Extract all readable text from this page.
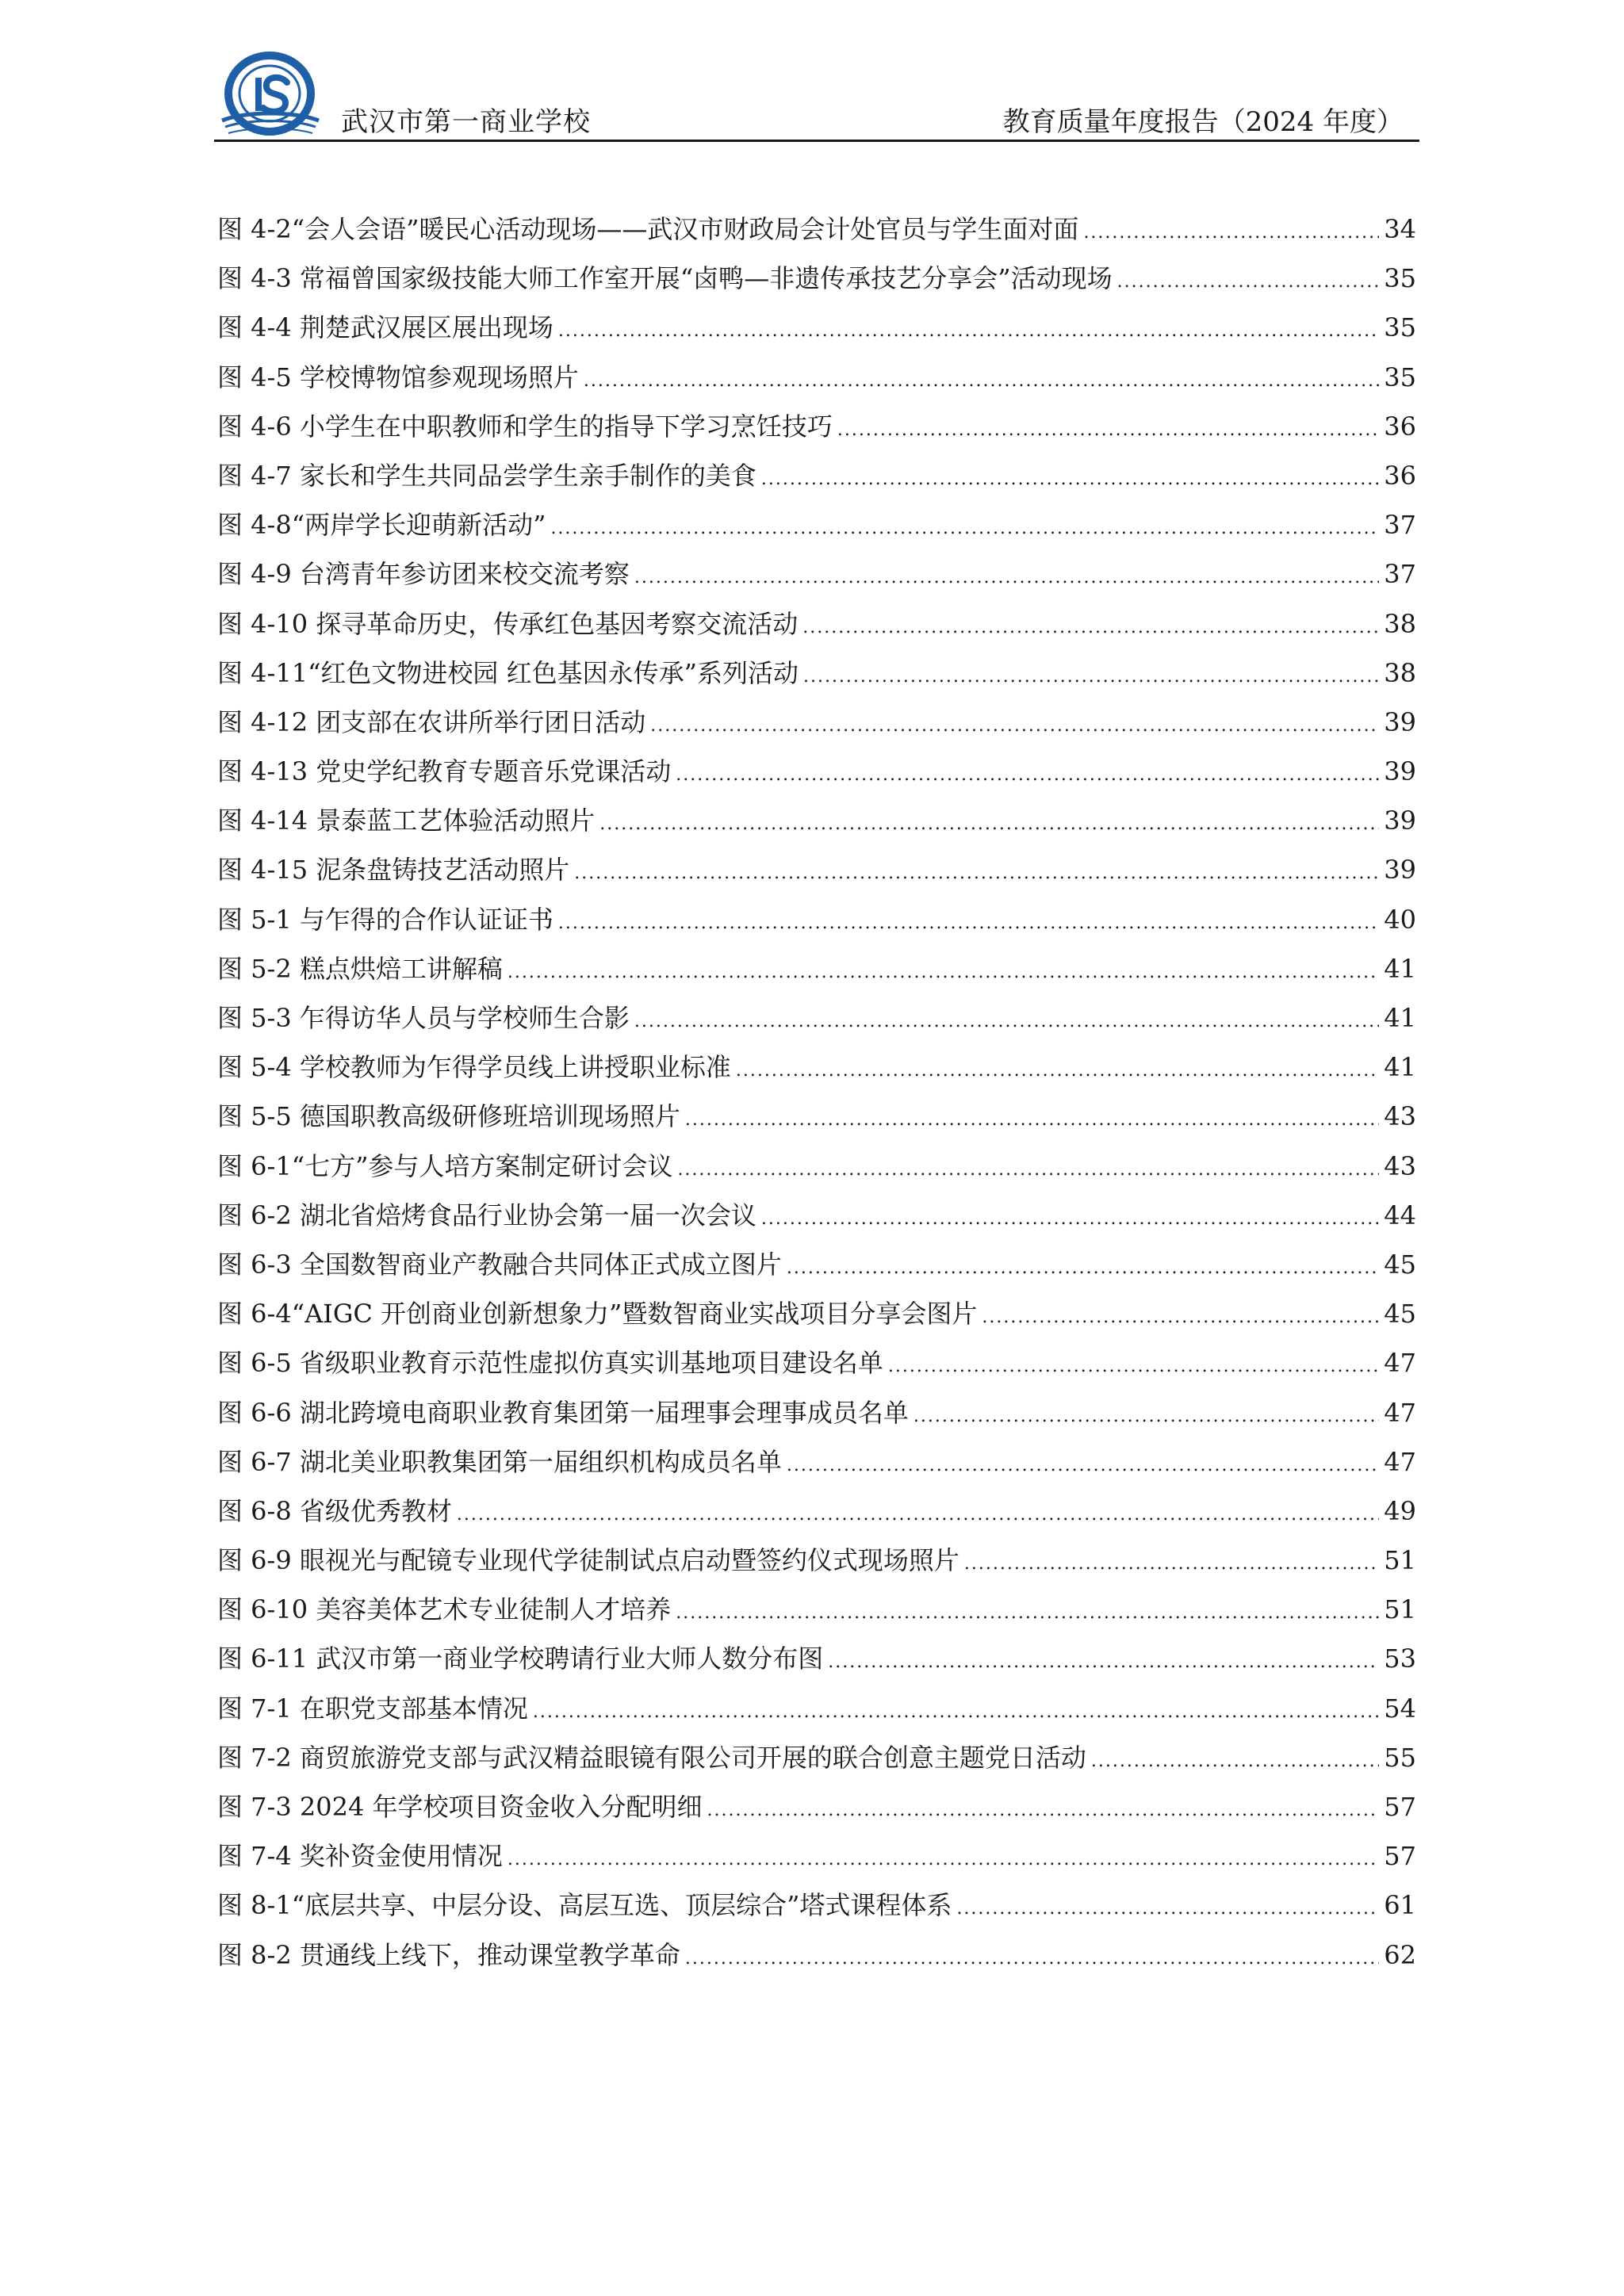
武汉市第一商业学校	教育质量年度报告（2024 年度）
图 4-2“会人会语”暖民心活动现场——武汉市财政局会计处官员与学生面对面 .....	34
图 4-3 常福曾国家级技能大师工作室开展“卤鸭—非遗传承技艺分享会”活动现场 .....	35
图 4-4 荆楚武汉展区展出现场 .....	35
图 4-5 学校博物馆参观现场照片 .....	35
图 4-6 小学生在中职教师和学生的指导下学习烹饪技巧 .....	36
图 4-7 家长和学生共同品尝学生亲手制作的美食 .....	36
图 4-8“两岸学长迎萌新活动” .....	37
图 4-9 台湾青年参访团来校交流考察 .....	37
图 4-10 探寻革命历史，传承红色基因考察交流活动 .....	38
图 4-11“红色文物进校园 红色基因永传承”系列活动 .....	38
图 4-12 团支部在农讲所举行团日活动 .....	39
图 4-13 党史学纪教育专题音乐党课活动 .....	39
图 4-14 景泰蓝工艺体验活动照片 .....	39
图 4-15 泥条盘铸技艺活动照片 .....	39
图 5-1 与乍得的合作认证证书 .....	40
图 5-2 糕点烘焙工讲解稿 .....	41
图 5-3 乍得访华人员与学校师生合影 .....	41
图 5-4 学校教师为乍得学员线上讲授职业标准 .....	41
图 5-5 德国职教高级研修班培训现场照片 .....	43
图 6-1“七方”参与人培方案制定研讨会议 .....	43
图 6-2 湖北省焙烤食品行业协会第一届一次会议 .....	44
图 6-3 全国数智商业产教融合共同体正式成立图片 .....	45
图 6-4“AIGC 开创商业创新想象力”暨数智商业实战项目分享会图片 .....	45
图 6-5 省级职业教育示范性虚拟仿真实训基地项目建设名单 .....	47
图 6-6 湖北跨境电商职业教育集团第一届理事会理事成员名单 .....	47
图 6-7 湖北美业职教集团第一届组织机构成员名单 .....	47
图 6-8 省级优秀教材 .....	49
图 6-9 眼视光与配镜专业现代学徒制试点启动暨签约仪式现场照片 .....	51
图 6-10 美容美体艺术专业徒制人才培养 .....	51
图 6-11 武汉市第一商业学校聘请行业大师人数分布图 .....	53
图 7-1 在职党支部基本情况 .....	54
图 7-2 商贸旅游党支部与武汉精益眼镜有限公司开展的联合创意主题党日活动 .....	55
图 7-3 2024 年学校项目资金收入分配明细 .....	57
图 7-4 奖补资金使用情况 .....	57
图 8-1“底层共享、中层分设、高层互选、顶层综合”塔式课程体系 .....	61
图 8-2 贯通线上线下，推动课堂教学革命 .....	62
